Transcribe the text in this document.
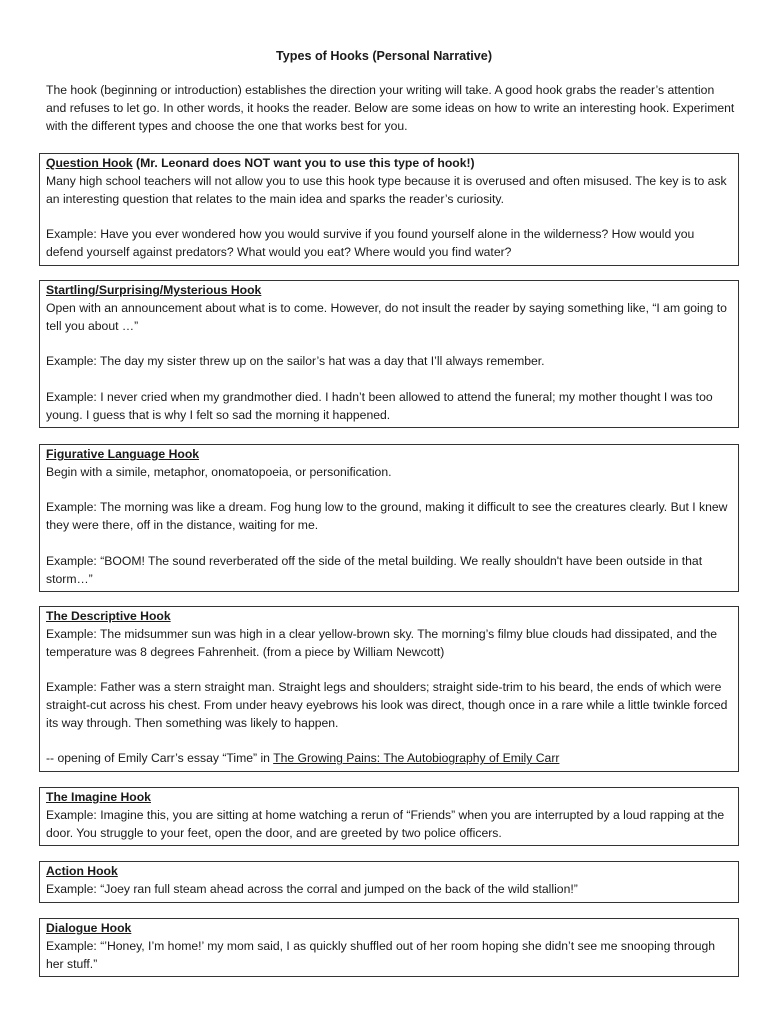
Types of Hooks (Personal Narrative)

The hook (beginning or introduction) establishes the direction your writing will take. A good hook grabs the reader’s attention and refuses to let go. In other words, it hooks the reader. Below are some ideas on how to write an interesting hook. Experiment with the different types and choose the one that works best for you.

Question Hook (Mr. Leonard does NOT want you to use this type of hook!)

Many high school teachers will not allow you to use this hook type because it is overused and often misused. The key is to ask an interesting question that relates to the main idea and sparks the reader’s curiosity.

Example: Have you ever wondered how you would survive if you found yourself alone in the wilderness? How would you defend yourself against predators? What would you eat? Where would you find water?

Startling/Surprising/Mysterious Hook

Open with an announcement about what is to come. However, do not insult the reader by saying something like, “I am going to tell you about …”

Example: The day my sister threw up on the sailor’s hat was a day that I’ll always remember.

Example: I never cried when my grandmother died. I hadn’t been allowed to attend the funeral; my mother thought I was too young. I guess that is why I felt so sad the morning it happened.

Figurative Language Hook

Begin with a simile, metaphor, onomatopoeia, or personification.

Example: The morning was like a dream. Fog hung low to the ground, making it difficult to see the creatures clearly. But I knew they were there, off in the distance, waiting for me.

Example: “BOOM! The sound reverberated off the side of the metal building. We really shouldn't have been outside in that storm…”

The Descriptive Hook

Example: The midsummer sun was high in a clear yellow-brown sky. The morning’s filmy blue clouds had dissipated, and the temperature was 8 degrees Fahrenheit. (from a piece by William Newcott)

Example: Father was a stern straight man. Straight legs and shoulders; straight side-trim to his beard, the ends of which were straight-cut across his chest. From under heavy eyebrows his look was direct, though once in a rare while a little twinkle forced its way through. Then something was likely to happen.

-- opening of Emily Carr’s essay “Time” in The Growing Pains: The Autobiography of Emily Carr

The Imagine Hook

Example: Imagine this, you are sitting at home watching a rerun of “Friends” when you are interrupted by a loud rapping at the door. You struggle to your feet, open the door, and are greeted by two police officers.

Action Hook

Example: “Joey ran full steam ahead across the corral and jumped on the back of the wild stallion!”

Dialogue Hook

Example: “’Honey, I’m home!’ my mom said, I as quickly shuffled out of her room hoping she didn’t see me snooping through her stuff.”
